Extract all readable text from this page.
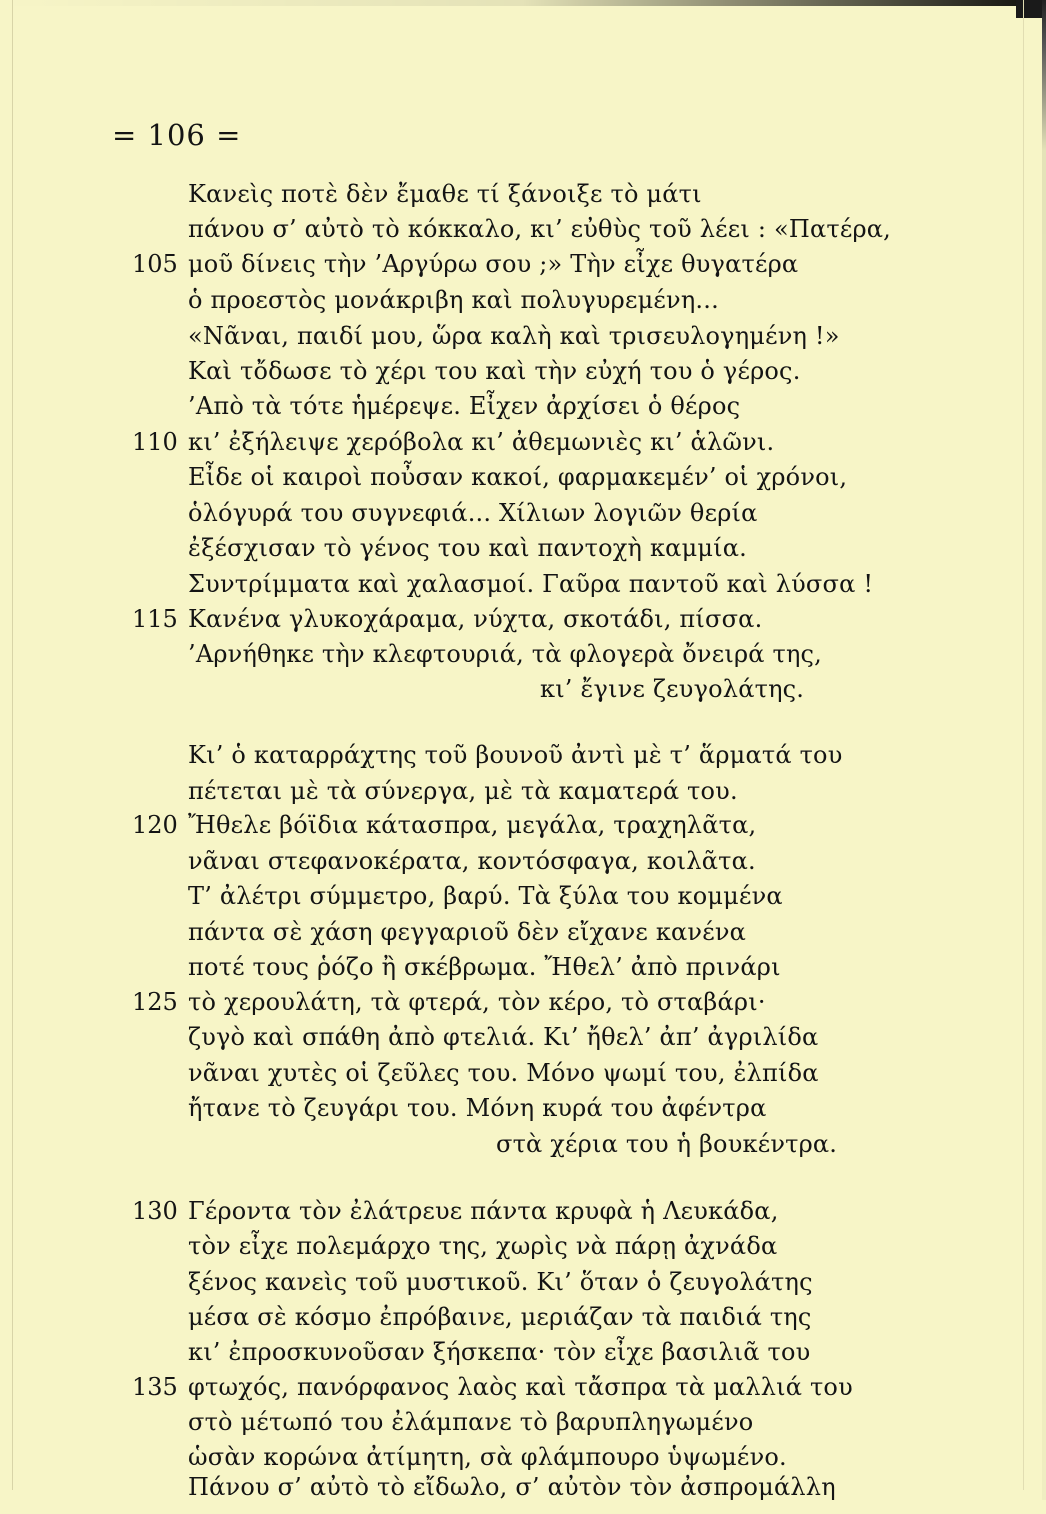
= 106 =
Κανεὶς ποτὲ δὲν ἔμαθε τί ξάνοιξε τὸ μάτι
πάνου σ’ αὐτὸ τὸ κόκκαλο, κι’ εὐθὺς τοῦ λέει : «Πατέρα,
105 μοῦ δίνεις τὴν ’Αργύρω σου ;» Τὴν εἶχε θυγατέρα
ὁ προεστὸς μονάκριβη καὶ πολυγυρεμένη...
«Νᾶναι, παιδί μου, ὥρα καλὴ καὶ τρισευλογημένη !»
Καὶ τὄδωσε τὸ χέρι του καὶ τὴν εὐχή του ὁ γέρος.
’Απὸ τὰ τότε ἡμέρεψε. Εἶχεν ἀρχίσει ὁ θέρος
110 κι’ ἐξήλειψε χερόβολα κι’ ἀθεμωνιὲς κι’ ἁλῶνι.
Εἶδε οἱ καιροὶ ποὖσαν κακοί, φαρμακεμέν’ οἱ χρόνοι,
ὁλόγυρά του συγνεφιά... Χίλιων λογιῶν θερία
ἐξέσχισαν τὸ γένος του καὶ παντοχὴ καμμία.
Συντρίμματα καὶ χαλασμοί. Γαῦρα παντοῦ καὶ λύσσα !
115 Κανένα γλυκοχάραμα, νύχτα, σκοτάδι, πίσσα.
’Αρνήθηκε τὴν κλεφτουριά, τὰ φλογερὰ ὄνειρά της,
κι’ ἔγινε ζευγολάτης.
Κι’ ὁ καταρράχτης τοῦ βουνοῦ ἀντὶ μὲ τ’ ἅρματά του
πέτεται μὲ τὰ σύνεργα, μὲ τὰ καματερά του.
120 Ἤθελε βόϊδια κάτασπρα, μεγάλα, τραχηλᾶτα,
νᾶναι στεφανοκέρατα, κοντόσφαγα, κοιλᾶτα.
Τ’ ἀλέτρι σύμμετρο, βαρύ. Τὰ ξύλα του κομμένα
πάντα σὲ χάση φεγγαριοῦ δὲν εἴχανε κανένα
ποτέ τους ῥόζο ἢ σκέβρωμα. Ἤθελ’ ἀπὸ πρινάρι
125 τὸ χερουλάτη, τὰ φτερά, τὸν κέρο, τὸ σταβάρι·
ζυγὸ καὶ σπάθη ἀπὸ φτελιά. Κι’ ἤθελ’ ἀπ’ ἀγριλίδα
νᾶναι χυτὲς οἱ ζεῦλες του. Μόνο ψωμί του, ἐλπίδα
ἤτανε τὸ ζευγάρι του. Μόνη κυρά του ἀφέντρα
στὰ χέρια του ἡ βουκέντρα.
130 Γέροντα τὸν ἐλάτρευε πάντα κρυφὰ ἡ Λευκάδα,
τὸν εἶχε πολεμάρχο της, χωρὶς νὰ πάρῃ ἀχνάδα
ξένος κανεὶς τοῦ μυστικοῦ. Κι’ ὅταν ὁ ζευγολάτης
μέσα σὲ κόσμο ἐπρόβαινε, μεριάζαν τὰ παιδιά της
κι’ ἐπροσκυνοῦσαν ξήσκεπα· τὸν εἶχε βασιλιᾶ του
135 φτωχός, πανόρφανος λαὸς καὶ τἄσπρα τὰ μαλλιά του
στὸ μέτωπό του ἐλάμπανε τὸ βαρυπληγωμένο
ὡσὰν κορώνα ἀτίμητη, σὰ φλάμπουρο ὑψωμένο.
Πάνου σ’ αὐτὸ τὸ εἴδωλο, σ’ αὐτὸν τὸν ἀσπρομάλλη
